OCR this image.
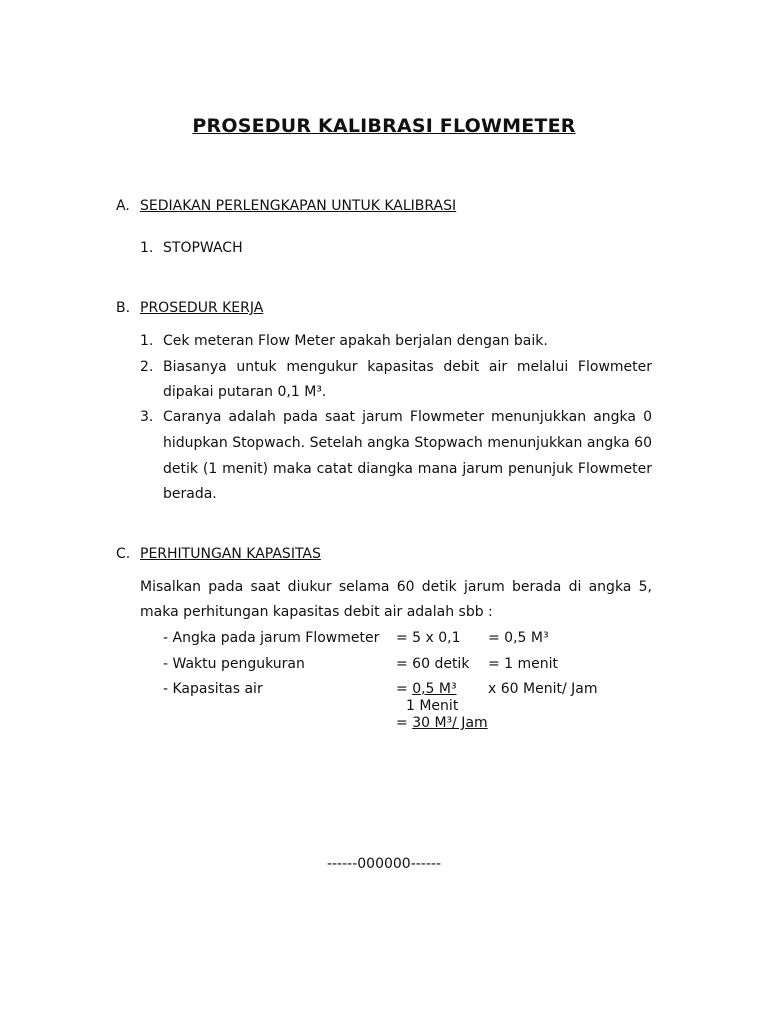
PROSEDUR KALIBRASI FLOWMETER
A. SEDIAKAN PERLENGKAPAN UNTUK KALIBRASI
1. STOPWACH
B. PROSEDUR KERJA
1. Cek meteran Flow Meter apakah berjalan dengan baik.
2. Biasanya untuk mengukur kapasitas debit air melalui Flowmeter
dipakai putaran 0,1 M³.
3. Caranya adalah pada saat jarum Flowmeter menunjukkan angka 0
hidupkan Stopwach. Setelah angka Stopwach menunjukkan angka 60
detik (1 menit) maka catat diangka mana jarum penunjuk Flowmeter
berada.
C. PERHITUNGAN KAPASITAS
Misalkan pada saat diukur selama 60 detik jarum berada di angka 5,
maka perhitungan kapasitas debit air adalah sbb :
- Angka pada jarum Flowmeter = 5 x 0,1 = 0,5 M³
- Waktu pengukuran	= 60 detik = 1 menit
- Kapasitas air	= 0,5 M³ x 60 Menit/ Jam
1 Menit
= 30 M³/ Jam
------000000------
